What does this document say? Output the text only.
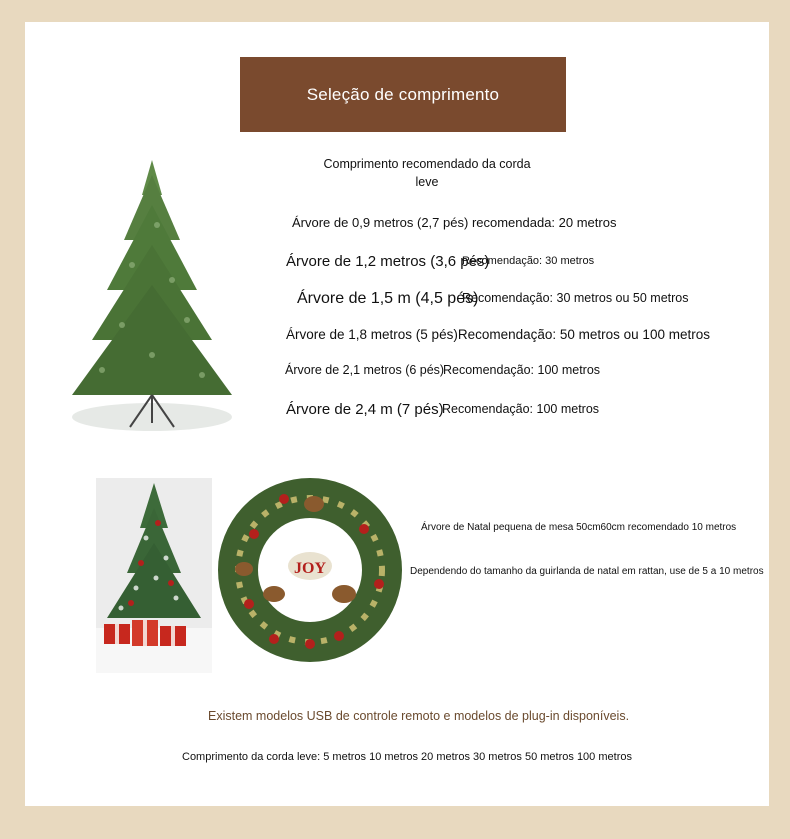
Seleção de comprimento
Comprimento recomendado da corda
leve
Árvore de 0,9 metros (2,7 pés) recomendada: 20 metros
Árvore de 1,2 metros (3,6 pés)
Recomendação: 30 metros
Árvore de 1,5 m (4,5 pés)
Recomendação: 30 metros ou 50 metros
Árvore de 1,8 metros (5 pés)Recomendação: 50 metros ou 100 metros
Árvore de 2,1 metros (6 pés)
Recomendação: 100 metros
Árvore de 2,4 m (7 pés)
Recomendação: 100 metros
JOY
Árvore de Natal pequena de mesa 50cm60cm recomendado 10 metros
Dependendo do tamanho da guirlanda de natal em rattan, use de 5 a 10 metros
Existem modelos USB de controle remoto e modelos de plug-in disponíveis.
Comprimento da corda leve: 5 metros 10 metros 20 metros 30 metros 50 metros 100 metros
